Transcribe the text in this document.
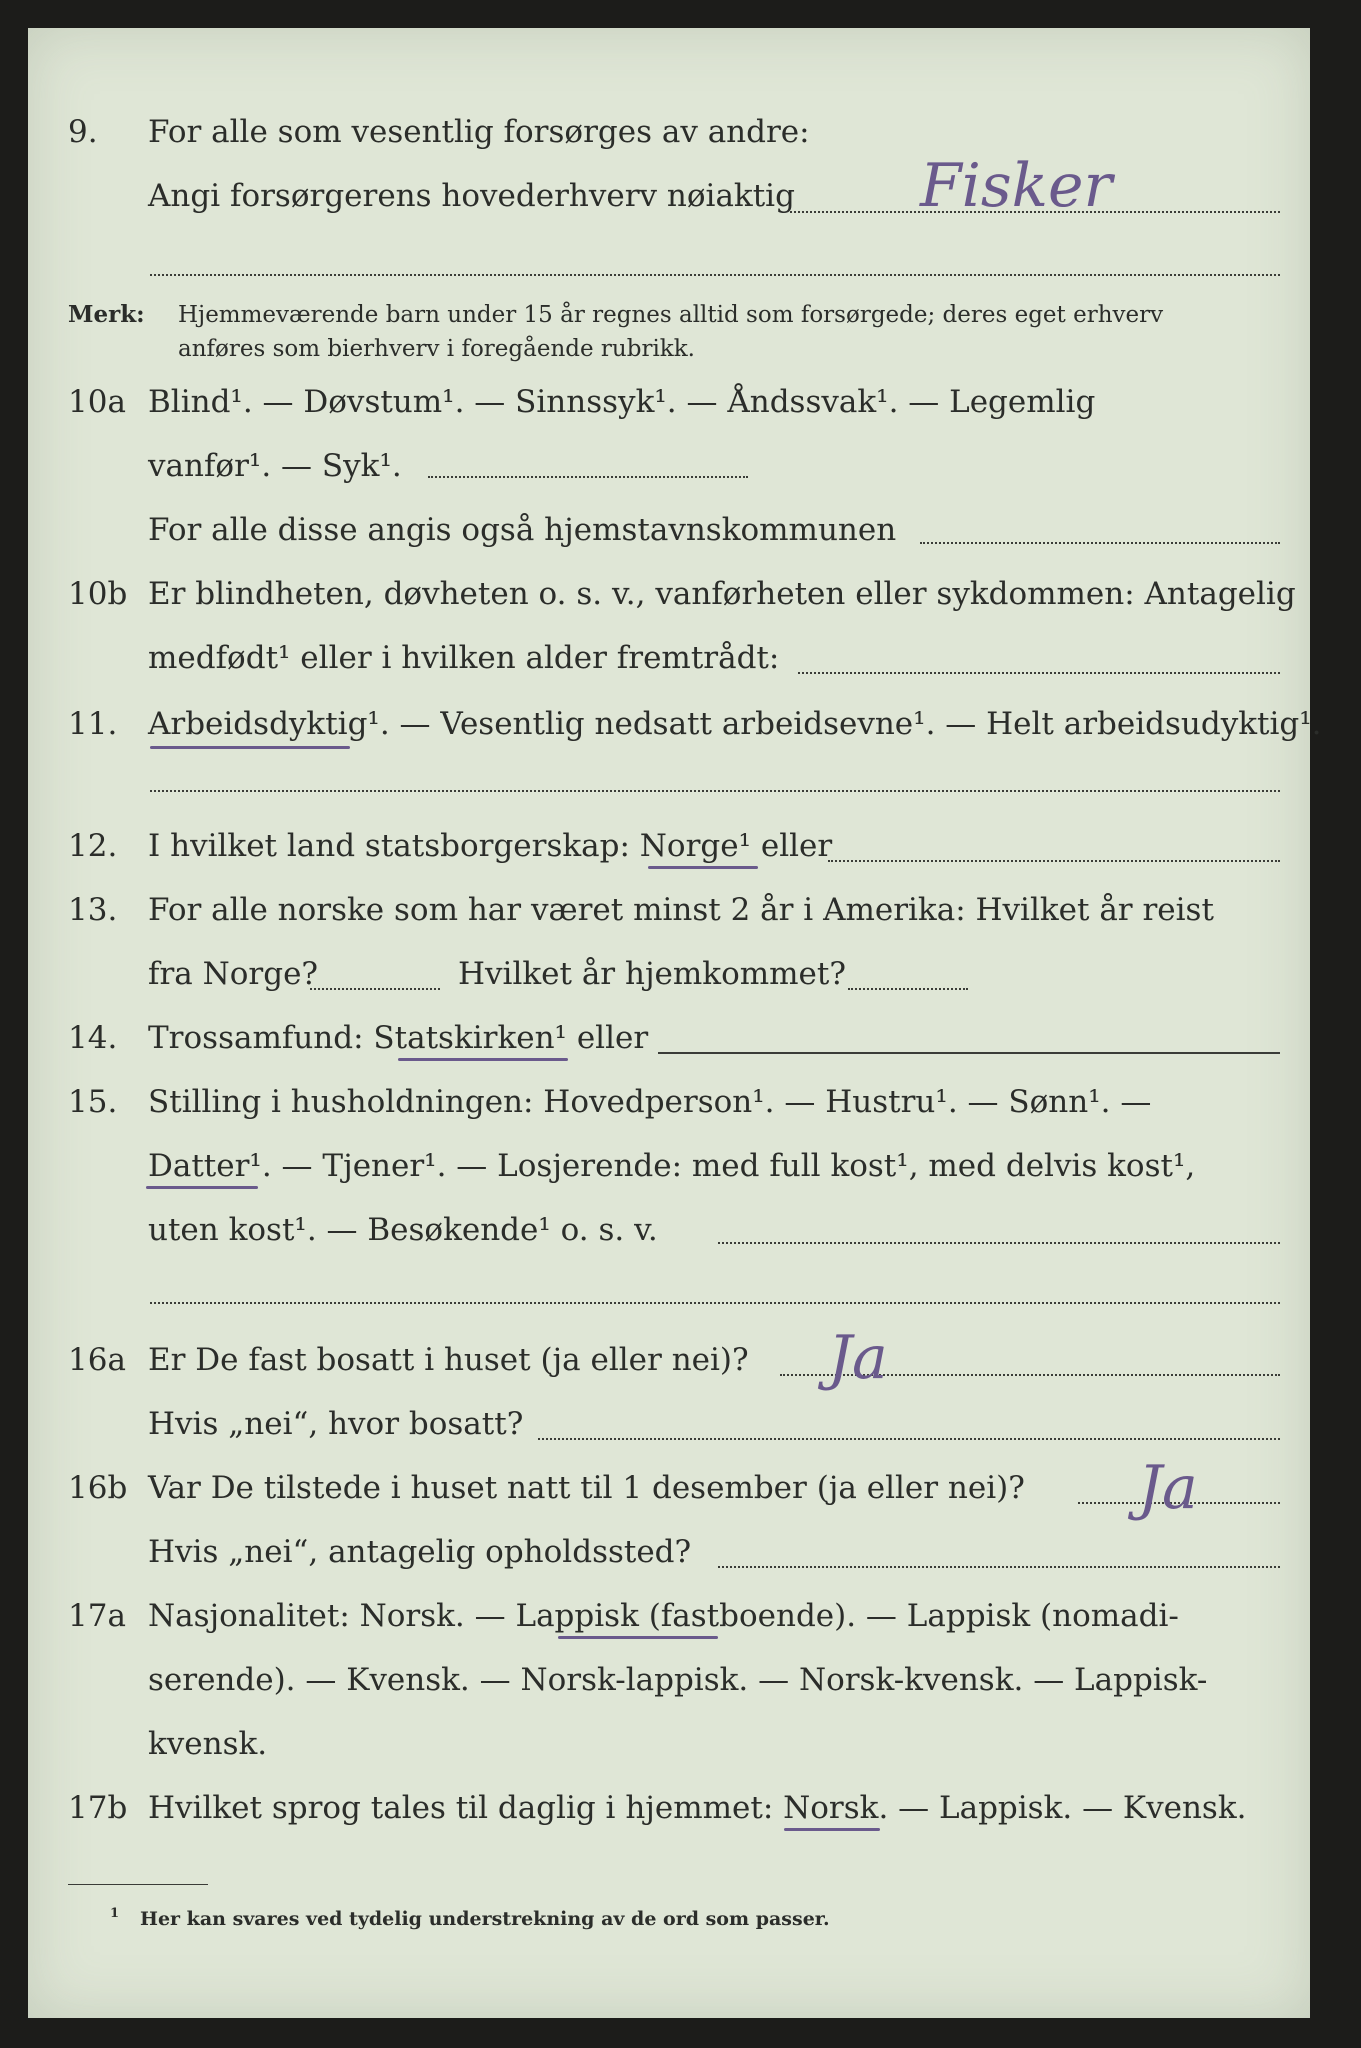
9. For alle som vesentlig forsørges av andre:
Angi forsørgerens hovederhverv nøiaktig Fisker
Merk: Hjemmeværende barn under 15 år regnes alltid som forsørgede; deres eget erhverv
anføres som bierhverv i foregående rubrikk.
10a Blind¹. — Døvstum¹. — Sinnssyk¹. — Åndssvak¹. — Legemlig
vanfør¹. — Syk¹.
For alle disse angis også hjemstavnskommunen
10b Er blindheten, døvheten o. s. v., vanførheten eller sykdommen: Antagelig
medfødt¹ eller i hvilken alder fremtrådt:
11. Arbeidsdyktig¹. — Vesentlig nedsatt arbeidsevne¹. — Helt arbeidsudyktig¹.
12. I hvilket land statsborgerskap: Norge¹ eller
13. For alle norske som har været minst 2 år i Amerika: Hvilket år reist
fra Norge?	Hvilket år hjemkommet?
14. Trossamfund: Statskirken¹ eller
15. Stilling i husholdningen: Hovedperson¹. — Hustru¹. — Sønn¹. —
Datter¹. — Tjener¹. — Losjerende: med full kost¹, med delvis kost¹,
uten kost¹. — Besøkende¹ o. s. v.
16a Er De fast bosatt i huset (ja eller nei)? Ja
Hvis „nei“, hvor bosatt?
16b Var De tilstede i huset natt til 1 desember (ja eller nei)? Ja
Hvis „nei“, antagelig opholdssted?
17a Nasjonalitet: Norsk. — Lappisk (fastboende). — Lappisk (nomadi-
serende). — Kvensk. — Norsk-lappisk. — Norsk-kvensk. — Lappisk-
kvensk.
17b Hvilket sprog tales til daglig i hjemmet: Norsk. — Lappisk. — Kvensk.
1 Her kan svares ved tydelig understrekning av de ord som passer.
